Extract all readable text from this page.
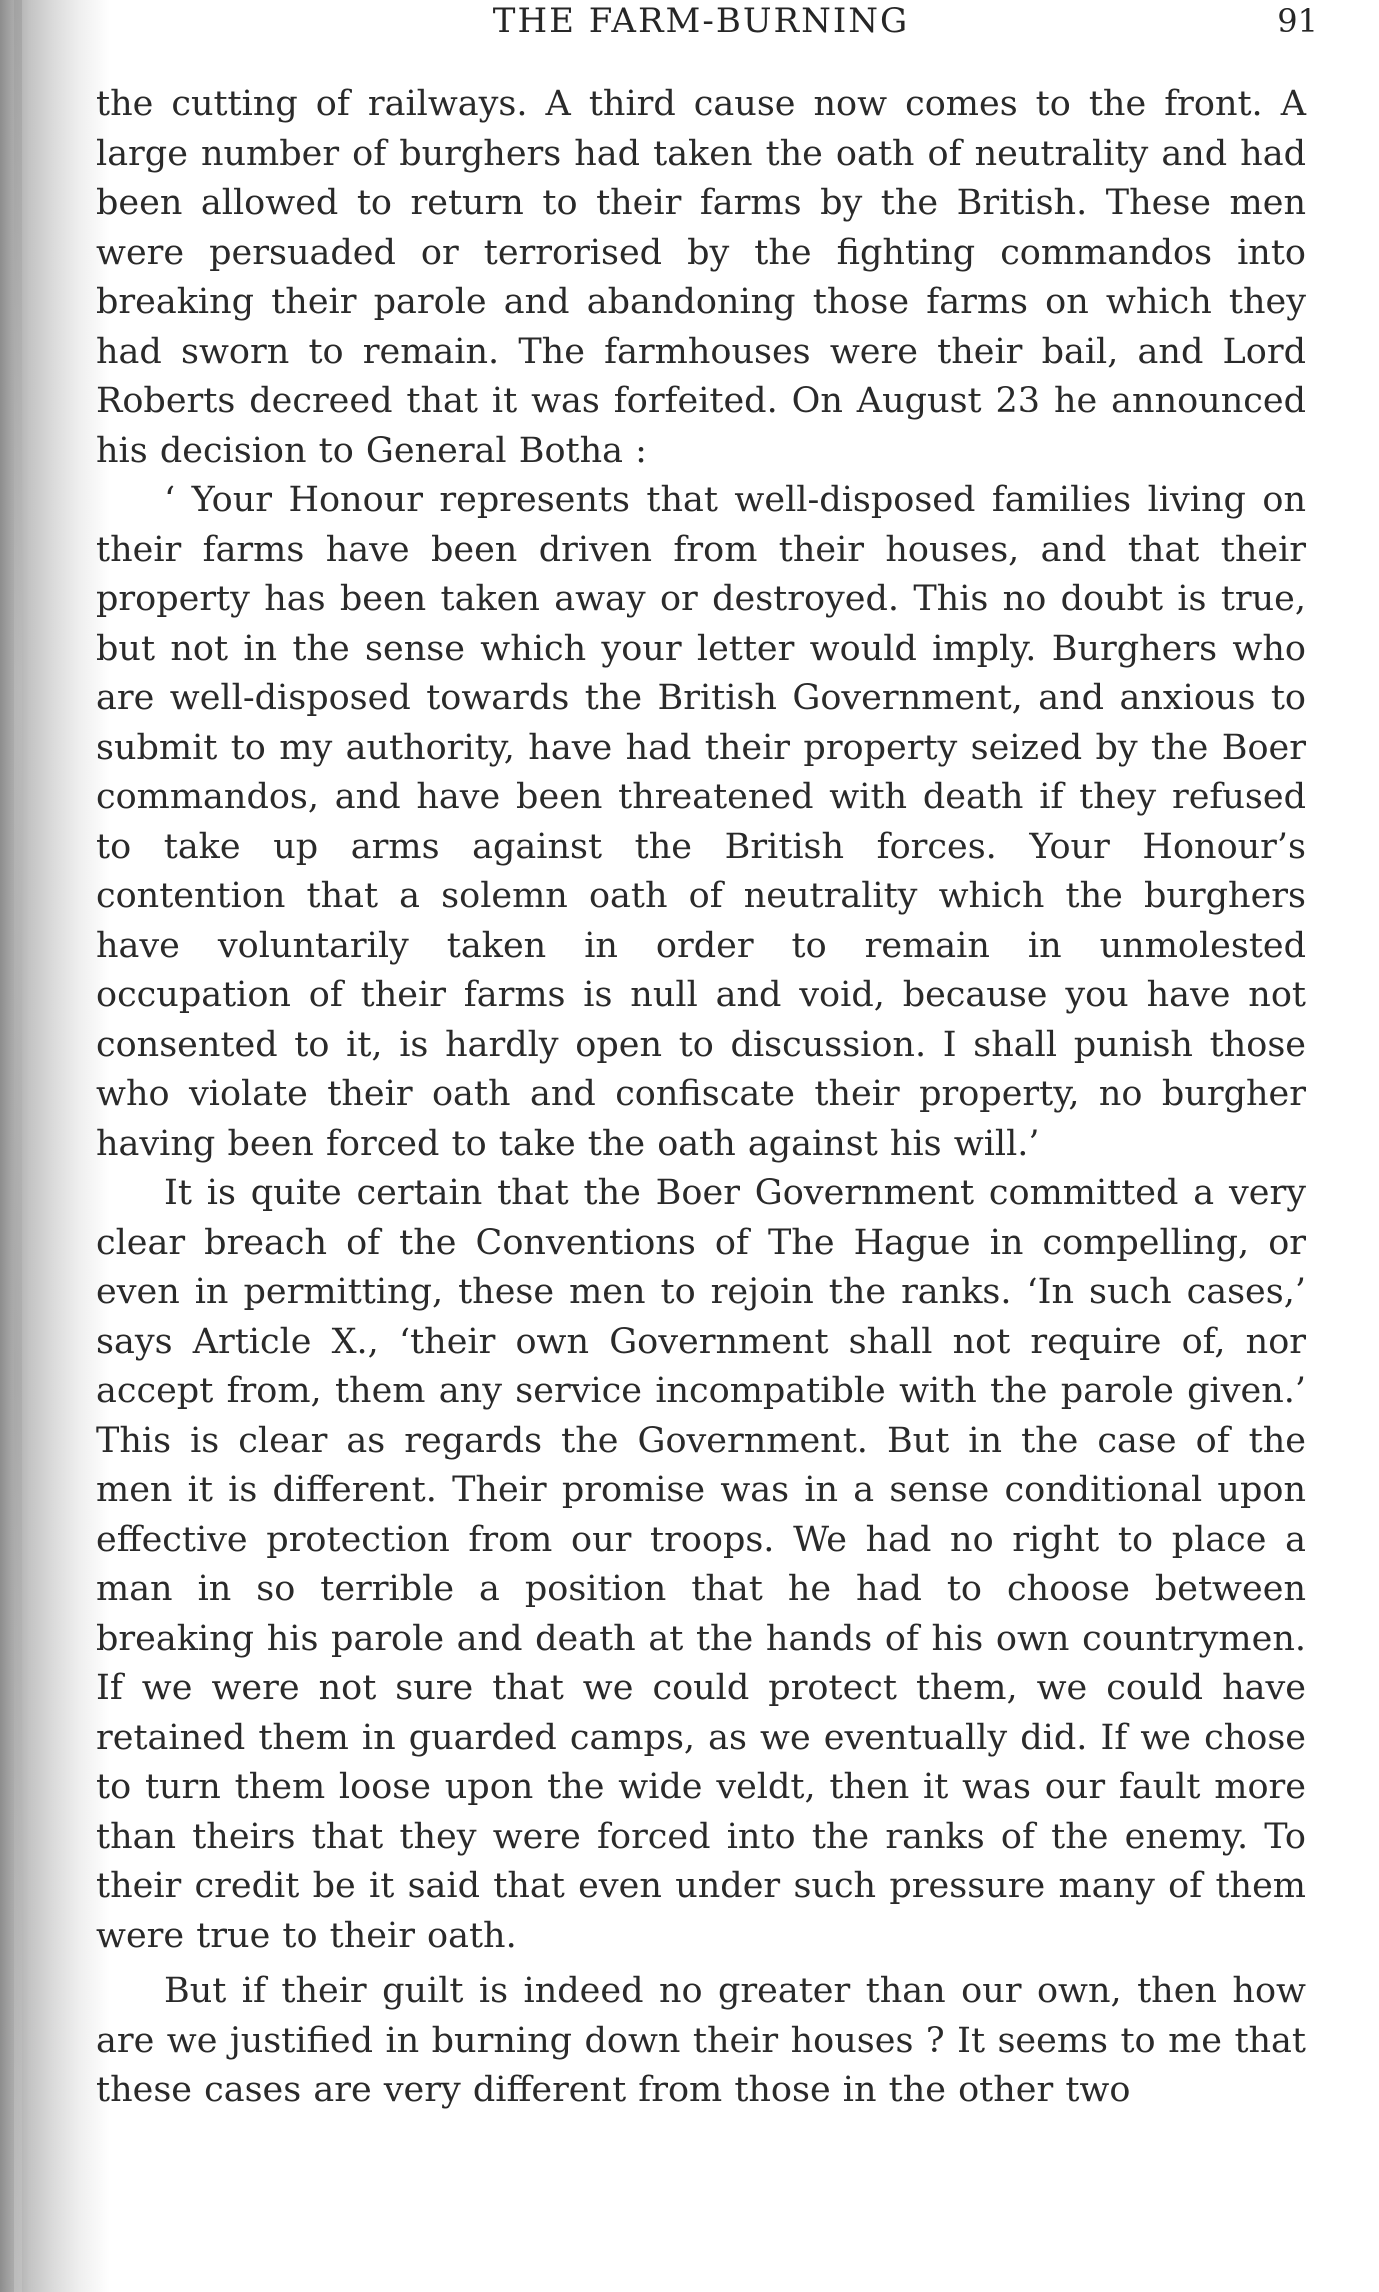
THE FARM-BURNING	91

the cutting of railways. A third cause now comes to the front. A large number of burghers had taken the oath of neutrality and had been allowed to return to their farms by the British. These men were persuaded or terrorised by the fighting commandos into breaking their parole and abandoning those farms on which they had sworn to remain. The farmhouses were their bail, and Lord Roberts decreed that it was forfeited. On August 23 he announced his decision to General Botha :

‘ Your Honour represents that well-disposed families living on their farms have been driven from their houses, and that their property has been taken away or destroyed. This no doubt is true, but not in the sense which your letter would imply. Burghers who are well-disposed towards the British Government, and anxious to submit to my authority, have had their property seized by the Boer commandos, and have been threatened with death if they refused to take up arms against the British forces. Your Honour’s contention that a solemn oath of neutrality which the burghers have voluntarily taken in order to remain in unmolested occupation of their farms is null and void, because you have not consented to it, is hardly open to discussion. I shall punish those who violate their oath and confiscate their property, no burgher having been forced to take the oath against his will.’

It is quite certain that the Boer Government committed a very clear breach of the Conventions of The Hague in compelling, or even in permitting, these men to rejoin the ranks. ‘In such cases,’ says Article X., ‘their own Government shall not require of, nor accept from, them any service incompatible with the parole given.’ This is clear as regards the Government. But in the case of the men it is different. Their promise was in a sense conditional upon effective protection from our troops. We had no right to place a man in so terrible a position that he had to choose between breaking his parole and death at the hands of his own countrymen. If we were not sure that we could protect them, we could have retained them in guarded camps, as we eventually did. If we chose to turn them loose upon the wide veldt, then it was our fault more than theirs that they were forced into the ranks of the enemy. To their credit be it said that even under such pressure many of them were true to their oath.

But if their guilt is indeed no greater than our own, then how are we justified in burning down their houses ? It seems to me that these cases are very different from those in the other two
